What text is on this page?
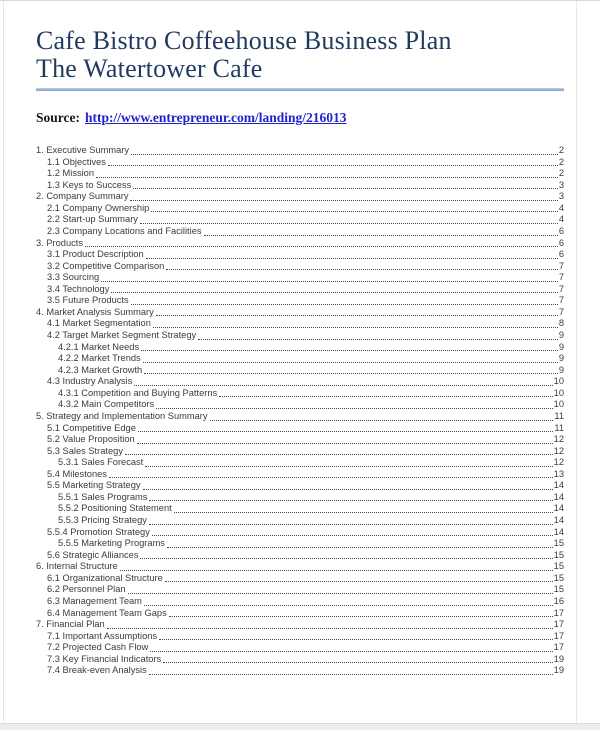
Cafe Bistro Coffeehouse Business Plan
The Watertower Cafe

Source: http://www.entrepreneur.com/landing/216013

1. Executive Summary	2
1.1 Objectives	2
1.2 Mission	2
1.3 Keys to Success	3
2. Company Summary	3
2.1 Company Ownership	4
2.2 Start-up Summary	4
2.3 Company Locations and Facilities	6
3. Products	6
3.1 Product Description	6
3.2 Competitive Comparison	7
3.3 Sourcing	7
3.4 Technology	7
3.5 Future Products	7
4. Market Analysis Summary	7
4.1 Market Segmentation	8
4.2 Target Market Segment Strategy	9
4.2.1 Market Needs	9
4.2.2 Market Trends	9
4.2.3 Market Growth	9
4.3 Industry Analysis	10
4.3.1 Competition and Buying Patterns	10
4.3.2 Main Competitors	10
5. Strategy and Implementation Summary	11
5.1 Competitive Edge	11
5.2 Value Proposition	12
5.3 Sales Strategy	12
5.3.1 Sales Forecast	12
5.4 Milestones	13
5.5 Marketing Strategy	14
5.5.1 Sales Programs	14
5.5.2 Positioning Statement	14
5.5.3 Pricing Strategy	14
5.5.4 Promotion Strategy	14
5.5.5 Marketing Programs	15
5.6 Strategic Alliances	15
6. Internal Structure	15
6.1 Organizational Structure	15
6.2 Personnel Plan	15
6.3 Management Team	16
6.4 Management Team Gaps	17
7. Financial Plan	17
7.1 Important Assumptions	17
7.2 Projected Cash Flow	17
7.3 Key Financial Indicators	19
7.4 Break-even Analysis	19
